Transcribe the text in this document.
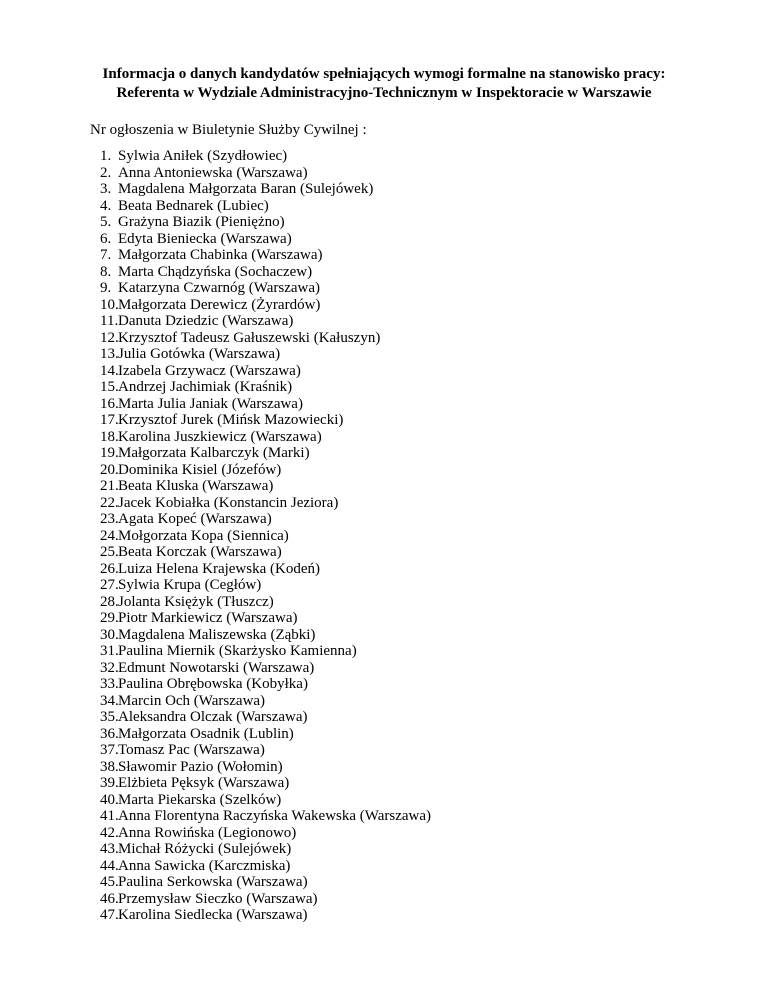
Informacja o danych kandydatów spełniających wymogi formalne na stanowisko pracy:
Referenta w Wydziale Administracyjno-Technicznym w Inspektoracie w Warszawie
Nr ogłoszenia w Biuletynie Służby Cywilnej :
1. Sylwia Aniłek (Szydłowiec)
2. Anna Antoniewska (Warszawa)
3. Magdalena Małgorzata Baran (Sulejówek)
4. Beata Bednarek (Lubiec)
5. Grażyna Biazik (Pieniężno)
6. Edyta Bieniecka (Warszawa)
7. Małgorzata Chabinka (Warszawa)
8. Marta Chądzyńska (Sochaczew)
9. Katarzyna Czwarnóg (Warszawa)
10.Małgorzata Derewicz (Żyrardów)
11.Danuta Dziedzic (Warszawa)
12.Krzysztof Tadeusz Gałuszewski (Kałuszyn)
13.Julia Gotówka (Warszawa)
14.Izabela Grzywacz (Warszawa)
15.Andrzej Jachimiak (Kraśnik)
16.Marta Julia Janiak (Warszawa)
17.Krzysztof Jurek (Mińsk Mazowiecki)
18.Karolina Juszkiewicz (Warszawa)
19.Małgorzata Kalbarczyk (Marki)
20.Dominika Kisiel (Józefów)
21.Beata Kluska (Warszawa)
22.Jacek Kobiałka (Konstancin Jeziora)
23.Agata Kopeć (Warszawa)
24.Mołgorzata Kopa (Siennica)
25.Beata Korczak (Warszawa)
26.Luiza Helena Krajewska (Kodeń)
27.Sylwia Krupa (Cegłów)
28.Jolanta Księżyk (Tłuszcz)
29.Piotr Markiewicz (Warszawa)
30.Magdalena Maliszewska (Ząbki)
31.Paulina Miernik (Skarżysko Kamienna)
32.Edmunt Nowotarski (Warszawa)
33.Paulina Obrębowska (Kobyłka)
34.Marcin Och (Warszawa)
35.Aleksandra Olczak (Warszawa)
36.Małgorzata Osadnik (Lublin)
37.Tomasz Pac (Warszawa)
38.Sławomir Pazio (Wołomin)
39.Elżbieta Pęksyk (Warszawa)
40.Marta Piekarska (Szelków)
41.Anna Florentyna Raczyńska Wakewska (Warszawa)
42.Anna Rowińska (Legionowo)
43.Michał Różycki (Sulejówek)
44.Anna Sawicka (Karczmiska)
45.Paulina Serkowska (Warszawa)
46.Przemysław Sieczko (Warszawa)
47.Karolina Siedlecka (Warszawa)
